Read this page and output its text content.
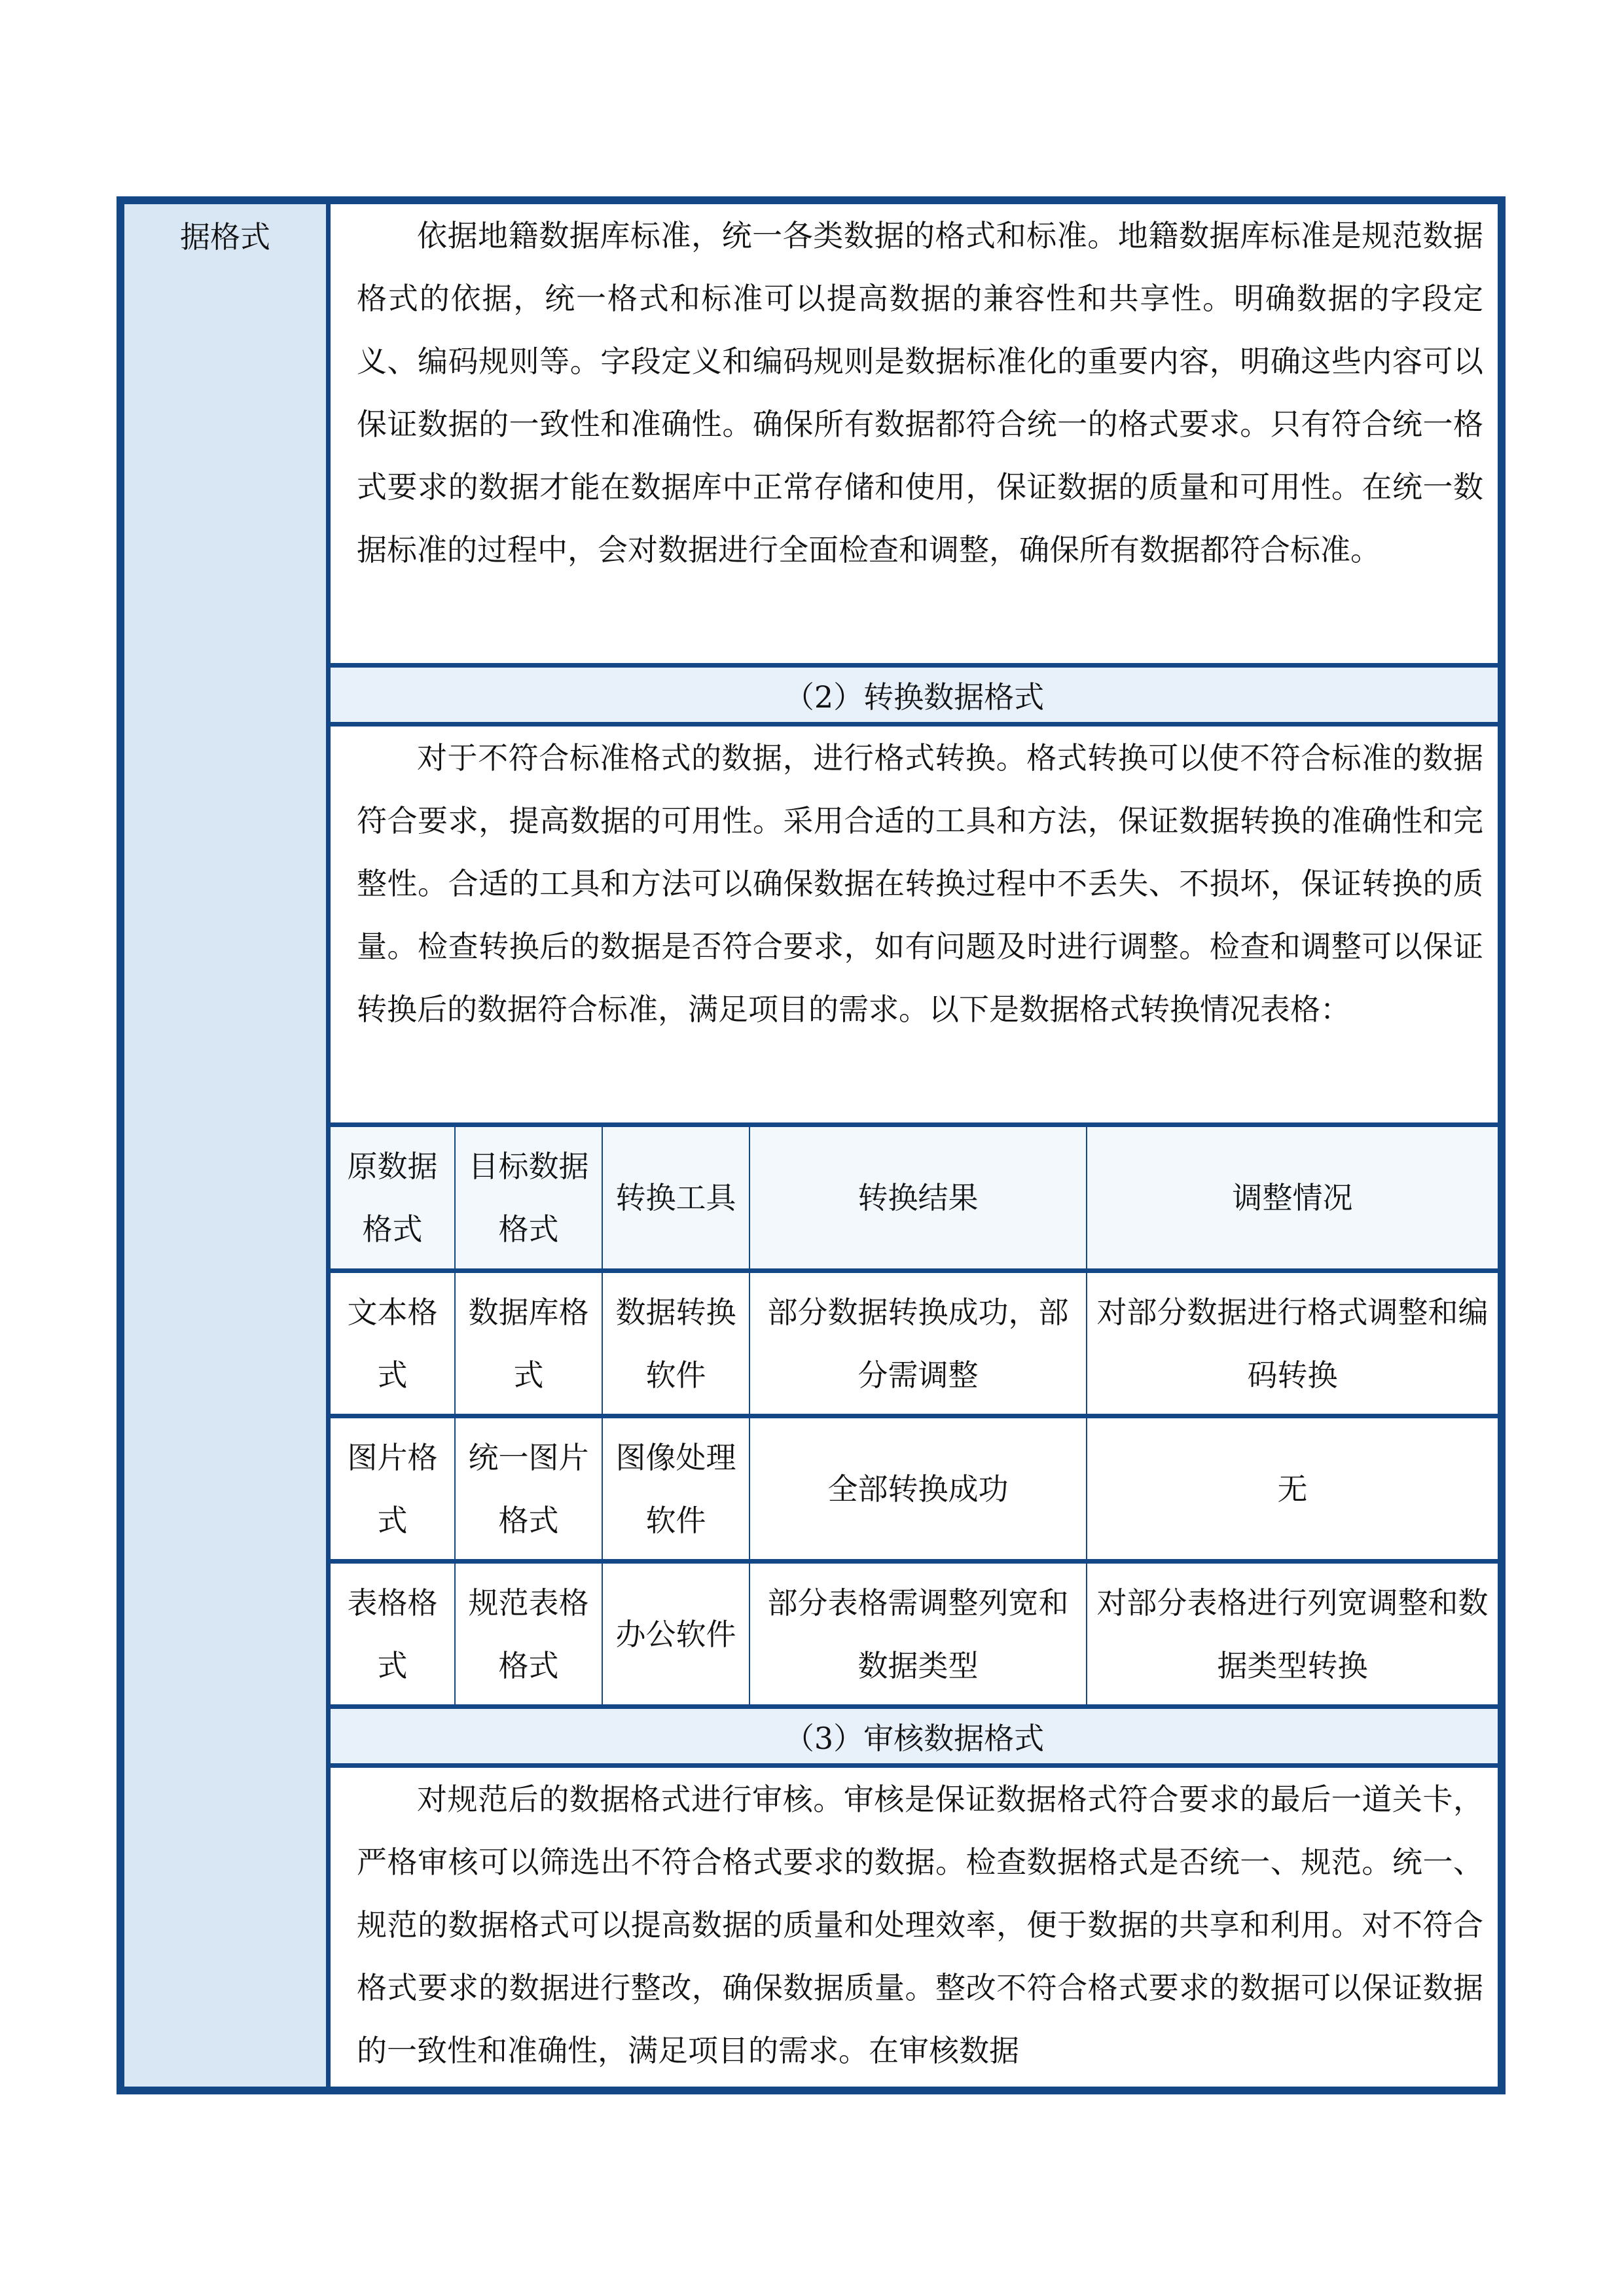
据格式	依据地籍数据库标准，统一各类数据的格式和标准。地籍数据库标准是规范数据格式的依据，统一格式和标准可以提高数据的兼容性和共享性。明确数据的字段定义、编码规则等。字段定义和编码规则是数据标准化的重要内容，明确这些内容可以保证数据的一致性和准确性。确保所有数据都符合统一的格式要求。只有符合统一格式要求的数据才能在数据库中正常存储和使用，保证数据的质量和可用性。在统一数据标准的过程中，会对数据进行全面检查和调整，确保所有数据都符合标准。

（2）转换数据格式

对于不符合标准格式的数据，进行格式转换。格式转换可以使不符合标准的数据符合要求，提高数据的可用性。采用合适的工具和方法，保证数据转换的准确性和完整性。合适的工具和方法可以确保数据在转换过程中不丢失、不损坏，保证转换的质量。检查转换后的数据是否符合要求，如有问题及时进行调整。检查和调整可以保证转换后的数据符合标准，满足项目的需求。以下是数据格式转换情况表格：

原数据格式	目标数据格式	转换工具	转换结果	调整情况
文本格式	数据库格式	数据转换软件	部分数据转换成功，部分需调整	对部分数据进行格式调整和编码转换
图片格式	统一图片格式	图像处理软件	全部转换成功	无
表格格式	规范表格格式	办公软件	部分表格需调整列宽和数据类型	对部分表格进行列宽调整和数据类型转换
（3）审核数据格式

对规范后的数据格式进行审核。审核是保证数据格式符合要求的最后一道关卡，严格审核可以筛选出不符合格式要求的数据。检查数据格式是否统一、规范。统一、规范的数据格式可以提高数据的质量和处理效率，便于数据的共享和利用。对不符合格式要求的数据进行整改，确保数据质量。整改不符合格式要求的数据可以保证数据的一致性和准确性，满足项目的需求。在审核数据
